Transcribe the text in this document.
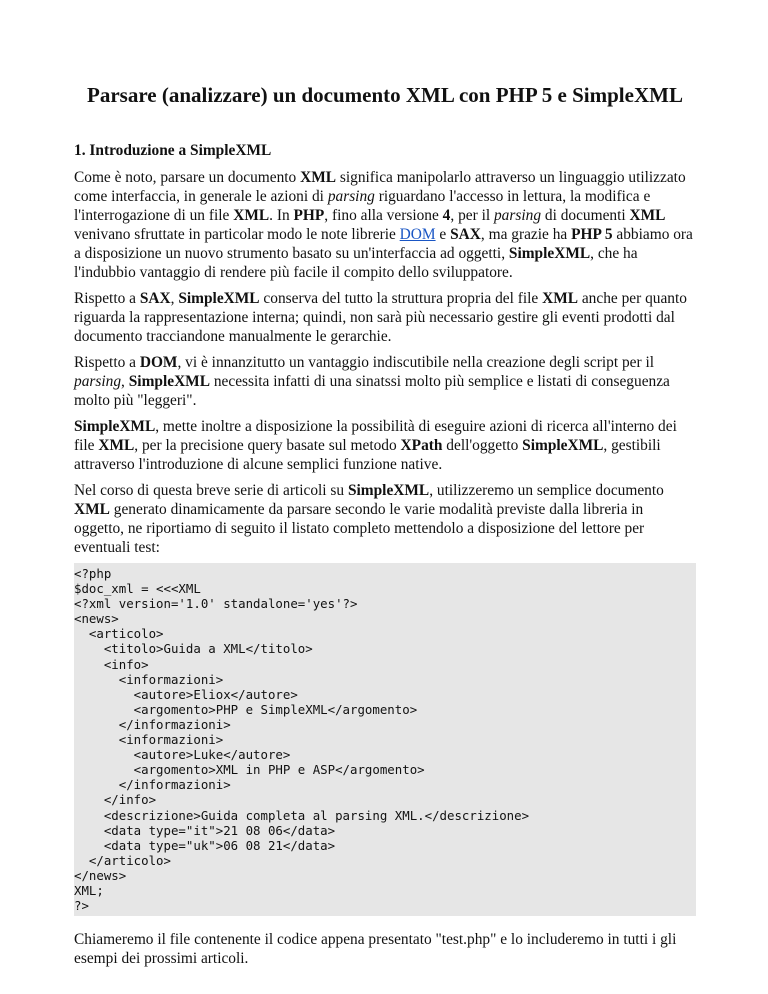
Parsare (analizzare) un documento XML con PHP 5 e SimpleXML
1. Introduzione a SimpleXML

Come è noto, parsare un documento XML significa manipolarlo attraverso un linguaggio utilizzato come interfaccia, in generale le azioni di parsing riguardano l'accesso in lettura, la modifica e l'interrogazione di un file XML. In PHP, fino alla versione 4, per il parsing di documenti XML venivano sfruttate in particolar modo le note librerie DOM e SAX, ma grazie ha PHP 5 abbiamo ora a disposizione un nuovo strumento basato su un'interfaccia ad oggetti, SimpleXML, che ha l'indubbio vantaggio di rendere più facile il compito dello sviluppatore.

Rispetto a SAX, SimpleXML conserva del tutto la struttura propria del file XML anche per quanto riguarda la rappresentazione interna; quindi, non sarà più necessario gestire gli eventi prodotti dal documento tracciandone manualmente le gerarchie.

Rispetto a DOM, vi è innanzitutto un vantaggio indiscutibile nella creazione degli script per il parsing, SimpleXML necessita infatti di una sinatssi molto più semplice e listati di conseguenza molto più "leggeri".

SimpleXML, mette inoltre a disposizione la possibilità di eseguire azioni di ricerca all'interno dei file XML, per la precisione query basate sul metodo XPath dell'oggetto SimpleXML, gestibili attraverso l'introduzione di alcune semplici funzione native.

Nel corso di questa breve serie di articoli su SimpleXML, utilizzeremo un semplice documento XML generato dinamicamente da parsare secondo le varie modalità previste dalla libreria in oggetto, ne riportiamo di seguito il listato completo mettendolo a disposizione del lettore per eventuali test:

<?php
$doc_xml = <<<XML
<?xml version='1.0' standalone='yes'?>
<news>
<articolo>
<titolo>Guida a XML</titolo>
<info>
<informazioni>
<autore>Eliox</autore>
<argomento>PHP e SimpleXML</argomento>
</informazioni>
<informazioni>
<autore>Luke</autore>
<argomento>XML in PHP e ASP</argomento>
</informazioni>
</info>
<descrizione>Guida completa al parsing XML.</descrizione>
<data type="it">21 08 06</data>
<data type="uk">06 08 21</data>
</articolo>
</news>
XML;
?>

Chiameremo il file contenente il codice appena presentato "test.php" e lo includeremo in tutti i gli esempi dei prossimi articoli.
